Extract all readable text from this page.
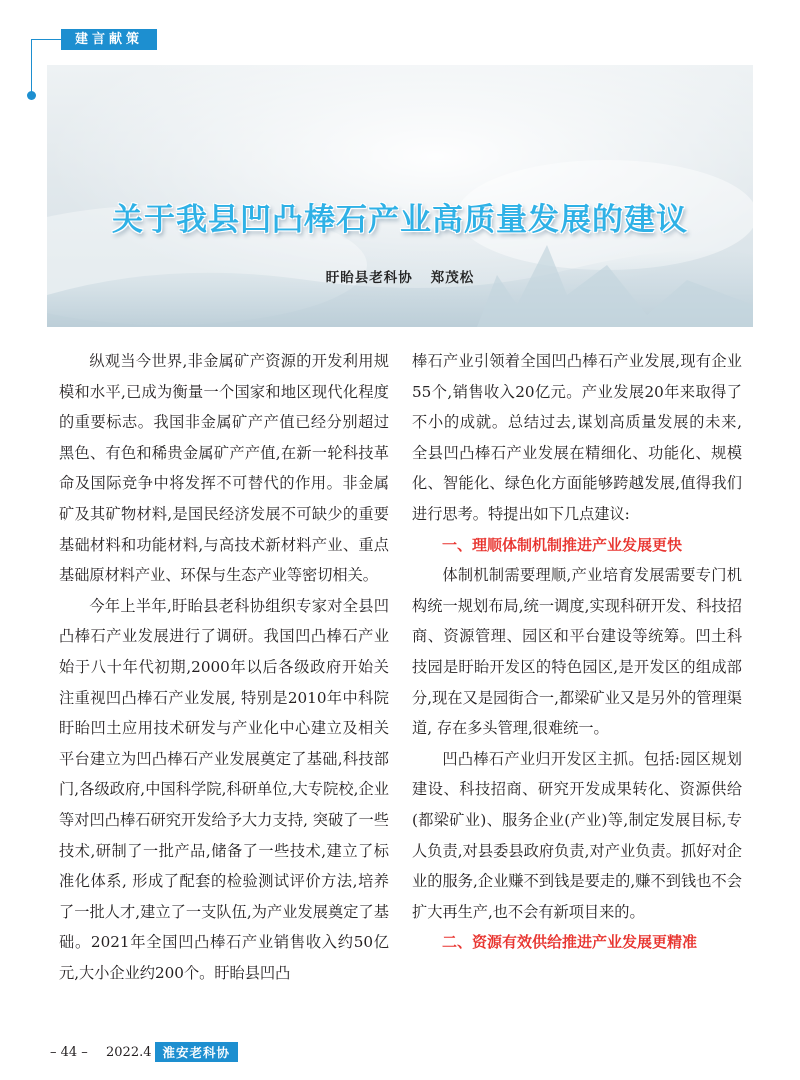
建言献策
关于我县凹凸棒石产业高质量发展的建议
盱眙县老科协 郑茂松

纵观当今世界,非金属矿产资源的开发利用规模和水平,已成为衡量一个国家和地区现代化程度的重要标志。我国非金属矿产产值已经分别超过黑色、有色和稀贵金属矿产产值,在新一轮科技革命及国际竞争中将发挥不可替代的作用。非金属矿及其矿物材料,是国民经济发展不可缺少的重要基础材料和功能材料,与高技术新材料产业、重点基础原材料产业、环保与生态产业等密切相关。

今年上半年,盱眙县老科协组织专家对全县凹凸棒石产业发展进行了调研。我国凹凸棒石产业始于八十年代初期,2000年以后各级政府开始关注重视凹凸棒石产业发展, 特别是2010年中科院盱眙凹土应用技术研发与产业化中心建立及相关平台建立为凹凸棒石产业发展奠定了基础,科技部门,各级政府,中国科学院,科研单位,大专院校,企业等对凹凸棒石研究开发给予大力支持, 突破了一些技术,研制了一批产品,储备了一些技术,建立了标准化体系, 形成了配套的检验测试评价方法,培养了一批人才,建立了一支队伍,为产业发展奠定了基础。2021年全国凹凸棒石产业销售收入约50亿元,大小企业约200个。盱眙县凹凸

棒石产业引领着全国凹凸棒石产业发展,现有企业55个,销售收入20亿元。产业发展20年来取得了不小的成就。总结过去,谋划高质量发展的未来, 全县凹凸棒石产业发展在精细化、功能化、规模化、智能化、绿色化方面能够跨越发展,值得我们进行思考。特提出如下几点建议:

一、理顺体制机制推进产业发展更快

体制机制需要理顺,产业培育发展需要专门机构统一规划布局,统一调度,实现科研开发、科技招商、资源管理、园区和平台建设等统筹。凹土科技园是盱眙开发区的特色园区,是开发区的组成部分,现在又是园街合一,都梁矿业又是另外的管理渠道, 存在多头管理,很难统一。

凹凸棒石产业归开发区主抓。包括:园区规划建设、科技招商、研究开发成果转化、资源供给(都梁矿业)、服务企业(产业)等,制定发展目标,专人负责,对县委县政府负责,对产业负责。抓好对企业的服务,企业赚不到钱是要走的,赚不到钱也不会扩大再生产,也不会有新项目来的。

二、资源有效供给推进产业发展更精准
– 44 –	2022.4 淮安老科协
